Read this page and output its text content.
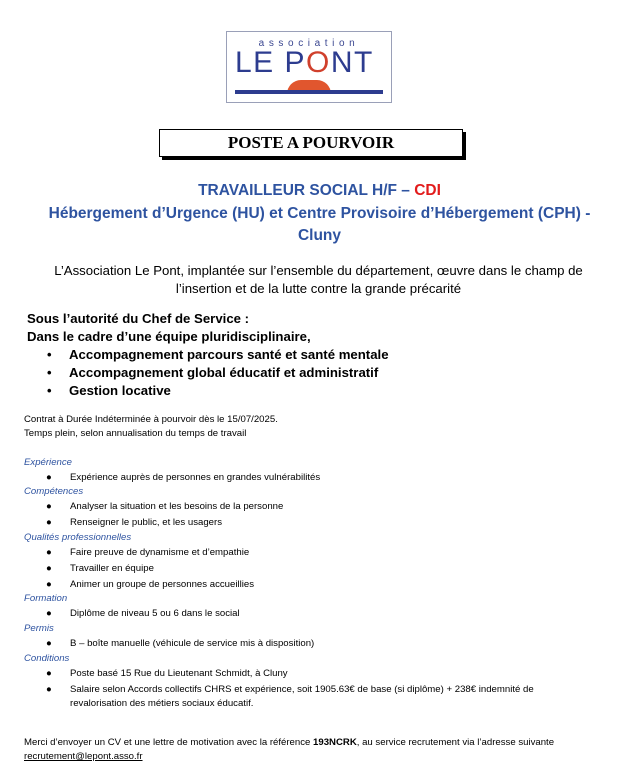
association
LE PONT
POSTE A POURVOIR
TRAVAILLEUR SOCIAL H/F – CDI
Hébergement d’Urgence (HU) et Centre Provisoire d’Hébergement (CPH) -
Cluny
L’Association Le Pont, implantée sur l’ensemble du département, œuvre dans le champ de
l’insertion et de la lutte contre la grande précarité
Sous l’autorité du Chef de Service :
Dans le cadre d’une équipe pluridisciplinaire,
• Accompagnement parcours santé et santé mentale
• Accompagnement global éducatif et administratif
• Gestion locative
Contrat à Durée Indéterminée à pourvoir dès le 15/07/2025.
Temps plein, selon annualisation du temps de travail
Expérience
● Expérience auprès de personnes en grandes vulnérabilités
Compétences
● Analyser la situation et les besoins de la personne
● Renseigner le public, et les usagers
Qualités professionnelles
● Faire preuve de dynamisme et d’empathie
● Travailler en équipe
● Animer un groupe de personnes accueillies
Formation
● Diplôme de niveau 5 ou 6 dans le social
Permis
● B – boîte manuelle (véhicule de service mis à disposition)
Conditions
● Poste basé 15 Rue du Lieutenant Schmidt, à Cluny
● Salaire selon Accords collectifs CHRS et expérience, soit 1905.63€ de base (si diplôme) + 238€ indemnité de
revalorisation des métiers sociaux éducatif.
Merci d’envoyer un CV et une lettre de motivation avec la référence 193NCRK, au service recrutement via l’adresse suivante
recrutement@lepont.asso.fr
